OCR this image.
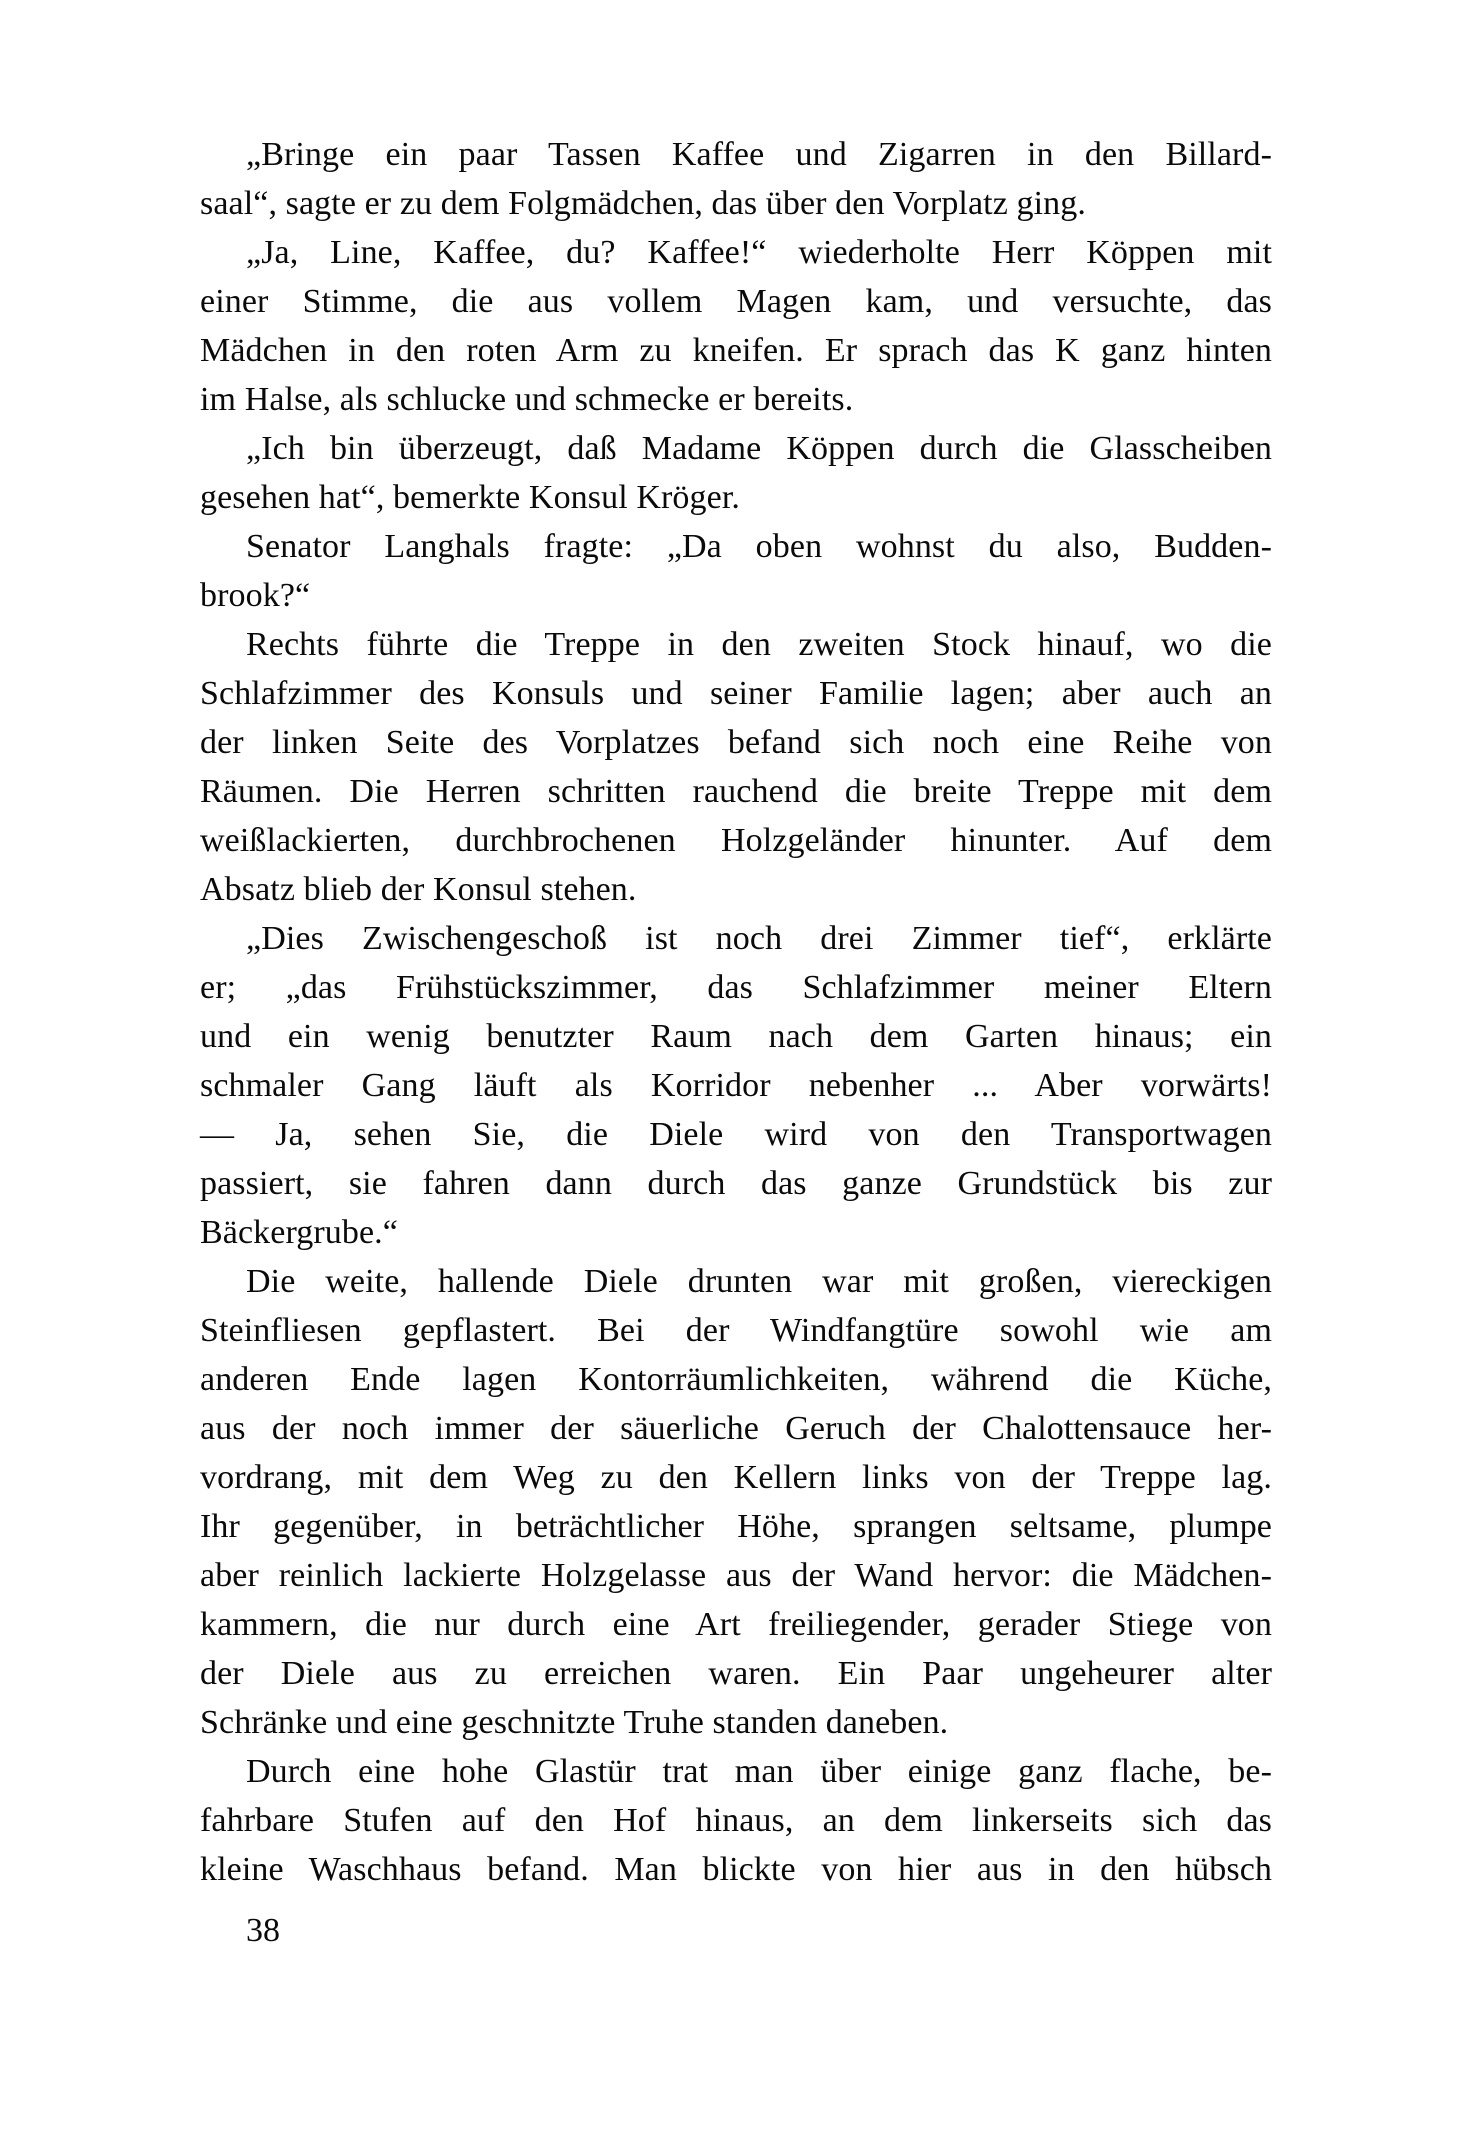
„Bringe ein paar Tassen Kaffee und Zigarren in den Billard-
saal“, sagte er zu dem Folgmädchen, das über den Vorplatz ging.
„Ja, Line, Kaffee, du? Kaffee!“ wiederholte Herr Köppen mit
einer Stimme, die aus vollem Magen kam, und versuchte, das
Mädchen in den roten Arm zu kneifen. Er sprach das K ganz hinten
im Halse, als schlucke und schmecke er bereits.
„Ich bin überzeugt, daß Madame Köppen durch die Glasscheiben
gesehen hat“, bemerkte Konsul Kröger.
Senator Langhals fragte: „Da oben wohnst du also, Budden-
brook?“
Rechts führte die Treppe in den zweiten Stock hinauf, wo die
Schlafzimmer des Konsuls und seiner Familie lagen; aber auch an
der linken Seite des Vorplatzes befand sich noch eine Reihe von
Räumen. Die Herren schritten rauchend die breite Treppe mit dem
weißlackierten, durchbrochenen Holzgeländer hinunter. Auf dem
Absatz blieb der Konsul stehen.
„Dies Zwischengeschoß ist noch drei Zimmer tief“, erklärte
er; „das Frühstückszimmer, das Schlafzimmer meiner Eltern
und ein wenig benutzter Raum nach dem Garten hinaus; ein
schmaler Gang läuft als Korridor nebenher ... Aber vorwärts!
— Ja, sehen Sie, die Diele wird von den Transportwagen
passiert, sie fahren dann durch das ganze Grundstück bis zur
Bäckergrube.“
Die weite, hallende Diele drunten war mit großen, viereckigen
Steinfliesen gepflastert. Bei der Windfangtüre sowohl wie am
anderen Ende lagen Kontorräumlichkeiten, während die Küche,
aus der noch immer der säuerliche Geruch der Chalottensauce her-
vordrang, mit dem Weg zu den Kellern links von der Treppe lag.
Ihr gegenüber, in beträchtlicher Höhe, sprangen seltsame, plumpe
aber reinlich lackierte Holzgelasse aus der Wand hervor: die Mädchen-
kammern, die nur durch eine Art freiliegender, gerader Stiege von
der Diele aus zu erreichen waren. Ein Paar ungeheurer alter
Schränke und eine geschnitzte Truhe standen daneben.
Durch eine hohe Glastür trat man über einige ganz flache, be-
fahrbare Stufen auf den Hof hinaus, an dem linkerseits sich das
kleine Waschhaus befand. Man blickte von hier aus in den hübsch
38
